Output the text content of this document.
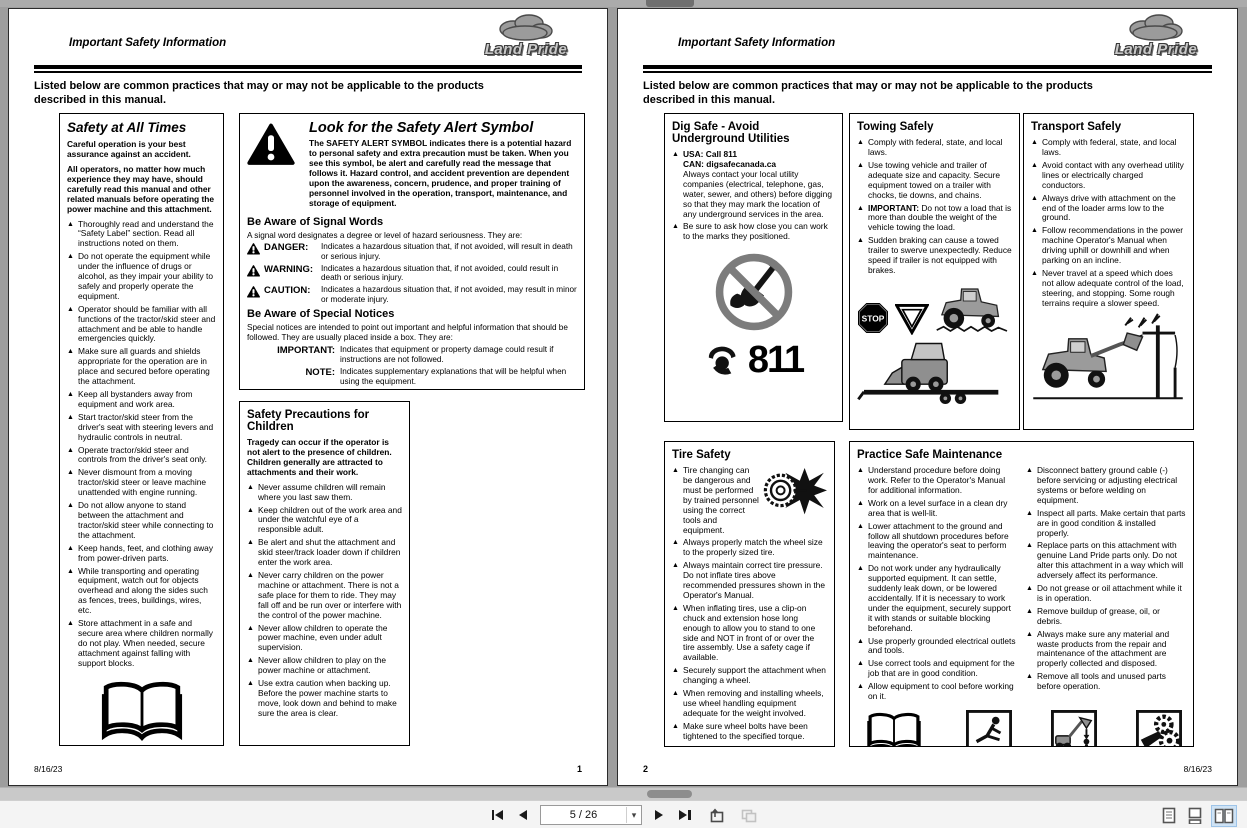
Important Safety Information	Land Pride
Listed below are common practices that may or may not be applicable to the products described in this manual.
Safety at All Times

Careful operation is your best assurance against an accident.

All operators, no matter how much experience they may have, should carefully read this manual and other related manuals before operating the power machine and this attachment.

▲ Thoroughly read and understand the “Safety Label” section. Read all instructions noted on them.
▲ Do not operate the equipment while under the influence of drugs or alcohol, as they impair your ability to safely and properly operate the equipment.
▲ Operator should be familiar with all functions of the tractor/skid steer and attachment and be able to handle emergencies quickly.
▲ Make sure all guards and shields appropriate for the operation are in place and secured before operating the attachment.
▲ Keep all bystanders away from equipment and work area.
▲ Start tractor/skid steer from the driver's seat with steering levers and hydraulic controls in neutral.
▲ Operate tractor/skid steer and controls from the driver's seat only.
▲ Never dismount from a moving tractor/skid steer or leave machine unattended with engine running.
▲ Do not allow anyone to stand between the attachment and tractor/skid steer while connecting to the attachment.
▲ Keep hands, feet, and clothing away from power-driven parts.
▲ While transporting and operating equipment, watch out for objects overhead and along the sides such as fences, trees, buildings, wires, etc.
▲ Store attachment in a safe and secure area where children normally do not play. When needed, secure attachment against falling with support blocks.
Look for the Safety Alert Symbol

The SAFETY ALERT SYMBOL indicates there is a potential hazard to personal safety and extra precaution must be taken. When you see this symbol, be alert and carefully read the message that follows it. Hazard control, and accident prevention are dependent upon the awareness, concern, prudence, and proper training of personnel involved in the operation, transport, maintenance, and storage of equipment.

Be Aware of Signal Words

A signal word designates a degree or level of hazard seriousness. They are:

DANGER:	Indicates a hazardous situation that, if not avoided, will result in death or serious injury.
WARNING: Indicates a hazardous situation that, if not avoided, could result in death or serious injury.
CAUTION:	Indicates a hazardous situation that, if not avoided, may result in minor or moderate injury.
Be Aware of Special Notices

Special notices are intended to point out important and helpful information that should be followed. They are usually placed inside a box. They are:

IMPORTANT: Indicates that equipment or property damage could result if instructions are not followed.
NOTE: Indicates supplementary explanations that will be helpful when using the equipment.
Safety Precautions for Children

Tragedy can occur if the operator is not alert to the presence of children. Children generally are attracted to attachments and their work.

▲ Never assume children will remain where you last saw them.
▲ Keep children out of the work area and under the watchful eye of a responsible adult.
▲ Be alert and shut the attachment and skid steer/track loader down if children enter the work area.
▲ Never carry children on the power machine or attachment. There is not a safe place for them to ride. They may fall off and be run over or interfere with the control of the power machine.
▲ Never allow children to operate the power machine, even under adult supervision.
▲ Never allow children to play on the power machine or attachment.
▲ Use extra caution when backing up. Before the power machine starts to move, look down and behind to make sure the area is clear.
8/16/23	1
Important Safety Information	Land Pride
Listed below are common practices that may or may not be applicable to the products described in this manual.
Dig Safe - Avoid Underground Utilities
▲ USA: Call 811
CAN: digsafecanada.ca
Always contact your local utility companies (electrical, telephone, gas, water, sewer, and others) before digging so that they may mark the location of any underground services in the area.
▲ Be sure to ask how close you can work to the marks they positioned.
811
Towing Safely
▲ Comply with federal, state, and local laws.
▲ Use towing vehicle and trailer of adequate size and capacity. Secure equipment towed on a trailer with chocks, tie downs, and chains.
▲ IMPORTANT: Do not tow a load that is more than double the weight of the vehicle towing the load.
▲ Sudden braking can cause a towed trailer to swerve unexpectedly. Reduce speed if trailer is not equipped with brakes.
STOP
Transport Safely
▲ Comply with federal, state, and local laws.
▲ Avoid contact with any overhead utility lines or electrically charged conductors.
▲ Always drive with attachment on the end of the loader arms low to the ground.
▲ Follow recommendations in the power machine Operator's Manual when driving uphill or downhill and when parking on an incline.
▲ Never travel at a speed which does not allow adequate control of the load, steering, and stopping. Some rough terrains require a slower speed.
Tire Safety
▲ Tire changing can be dangerous and must be performed by trained personnel using the correct tools and equipment.
▲ Always properly match the wheel size to the properly sized tire.
▲ Always maintain correct tire pressure. Do not inflate tires above recommended pressures shown in the Operator's Manual.
▲ When inflating tires, use a clip-on chuck and extension hose long enough to allow you to stand to one side and NOT in front of or over the tire assembly. Use a safety cage if available.
▲ Securely support the attachment when changing a wheel.
▲ When removing and installing wheels, use wheel handling equipment adequate for the weight involved.
▲ Make sure wheel bolts have been tightened to the specified torque.
Practice Safe Maintenance
▲ Understand procedure before doing work. Refer to the Operator's Manual for additional information.
▲ Work on a level surface in a clean dry area that is well-lit.
▲ Lower attachment to the ground and follow all shutdown procedures before leaving the operator's seat to perform maintenance.
▲ Do not work under any hydraulically supported equipment. It can settle, suddenly leak down, or be lowered accidentally. If it is necessary to work under the equipment, securely support it with stands or suitable blocking beforehand.
▲ Use properly grounded electrical outlets and tools.
▲ Use correct tools and equipment for the job that are in good condition.
▲ Allow equipment to cool before working on it.
▲ Disconnect battery ground cable (-) before servicing or adjusting electrical systems or before welding on equipment.
▲ Inspect all parts. Make certain that parts are in good condition & installed properly.
▲ Replace parts on this attachment with genuine Land Pride parts only. Do not alter this attachment in a way which will adversely affect its performance.
▲ Do not grease or oil attachment while it is in operation.
▲ Remove buildup of grease, oil, or debris.
▲ Always make sure any material and waste products from the repair and maintenance of the attachment are properly collected and disposed.
▲ Remove all tools and unused parts before operation.
2	8/16/23
5 / 26	▾
